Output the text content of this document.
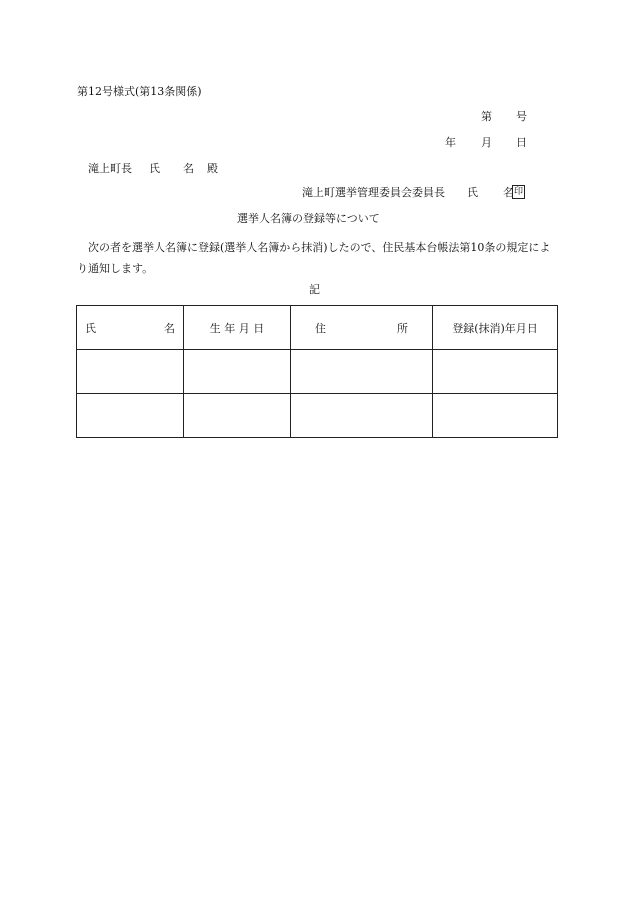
第12号様式(第13条関係)
第 号
年 月 日
滝上町長 氏 名 殿
滝上町選挙管理委員会委員長 氏 名 印
選挙人名簿の登録等について
次の者を選挙人名簿に登録(選挙人名簿から抹消)したので、住民基本台帳法第10条の規定により通知します。
記
氏 名	生 年 月 日	住 所	登録(抹消)年月日
